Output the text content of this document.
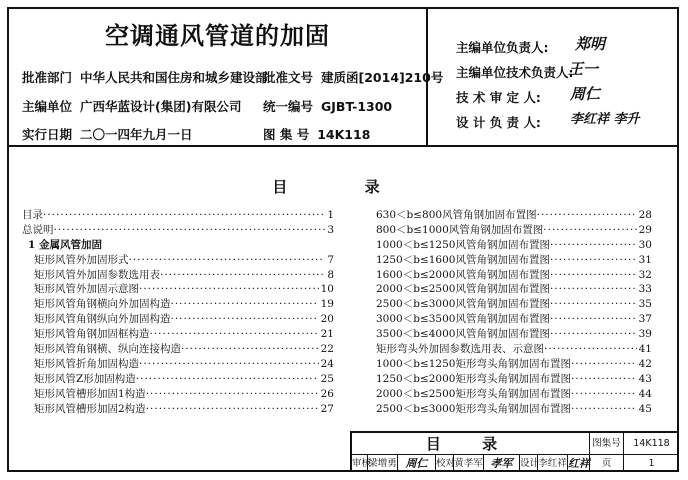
空调通风管道的加固
批准部门 中华人民共和国住房和城乡建设部
批准文号 建质函[2014]210号
主编单位 广西华蓝设计(集团)有限公司 统一编号 GJBT-1300
实行日期 二〇一四年九月一日	图 集 号 14K118
主编单位负责人: 郑明
主编单位技术负责人:
王一
技 术 审 定 人: 周仁
设 计 负 责 人: 李红祥 李升
目 录
目录 ·····	1
总说明 ·····	3
1 金属风管加固
矩形风管外加固形式 ·····	7
矩形风管外加固参数选用表 ·····	8
矩形风管外加固示意图 ·····	10
矩形风管角钢横向外加固构造 ·····	19
矩形风管角钢纵向外加固构造 ·····	20
矩形风管角钢加固框构造 ·····	21
矩形风管角钢横、纵向连接构造 ·····	22
矩形风管折角加固构造 ·····	24
矩形风管Z形加固构造 ·····	25
矩形风管槽形加固1构造 ·····	26
矩形风管槽形加固2构造 ·····	27
630＜b≤800风管角钢加固布置图 ·····	28
800＜b≤1000风管角钢加固布置图 ·····	29
1000＜b≤1250风管角钢加固布置图 ·····	30
1250＜b≤1600风管角钢加固布置图 ·····	31
1600＜b≤2000风管角钢加固布置图 ·····	32
2000＜b≤2500风管角钢加固布置图 ·····	33
2500＜b≤3000风管角钢加固布置图 ·····	35
3000＜b≤3500风管角钢加固布置图 ·····	37
3500＜b≤4000风管角钢加固布置图 ·····	39
矩形弯头外加固参数选用表、示意图 ·····	41
1000＜b≤1250矩形弯头角钢加固布置图 ·····	42
1250＜b≤2000矩形弯头角钢加固布置图 ·····	43
2000＜b≤2500矩形弯头角钢加固布置图 ·····	44
2500＜b≤3000矩形弯头角钢加固布置图 ·····	45
目 录	图集号	14K118
审核
梁增勇 周仁 校对 黄孝军 孝军 设计 李红祥 红祥	页	1
